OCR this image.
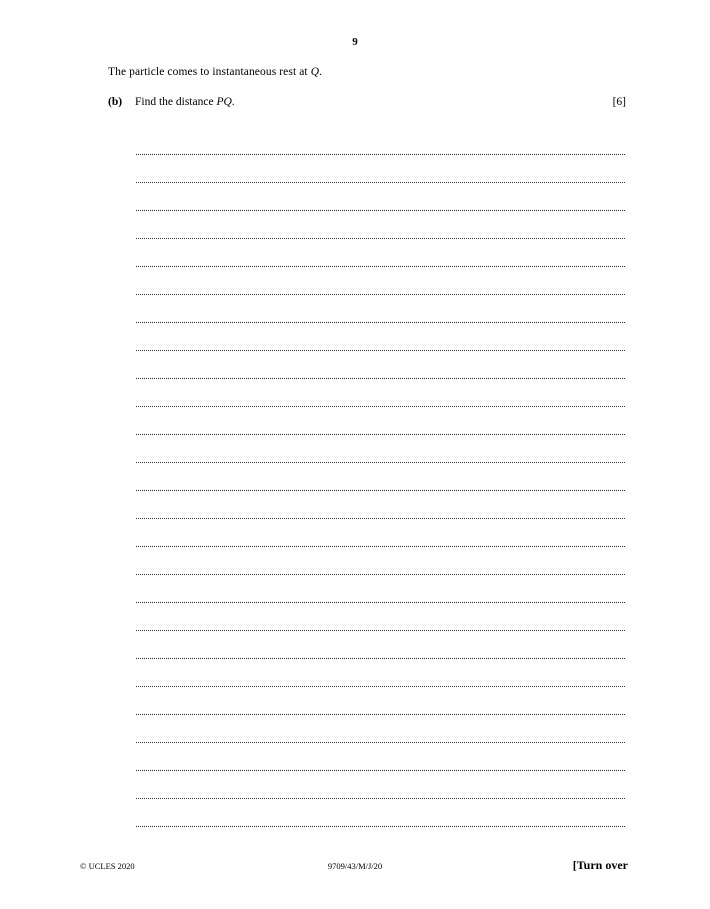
9
The particle comes to instantaneous rest at Q.
(b) Find the distance PQ.	[6]
© UCLES 2020	9709/43/M/J/20	[Turn over
